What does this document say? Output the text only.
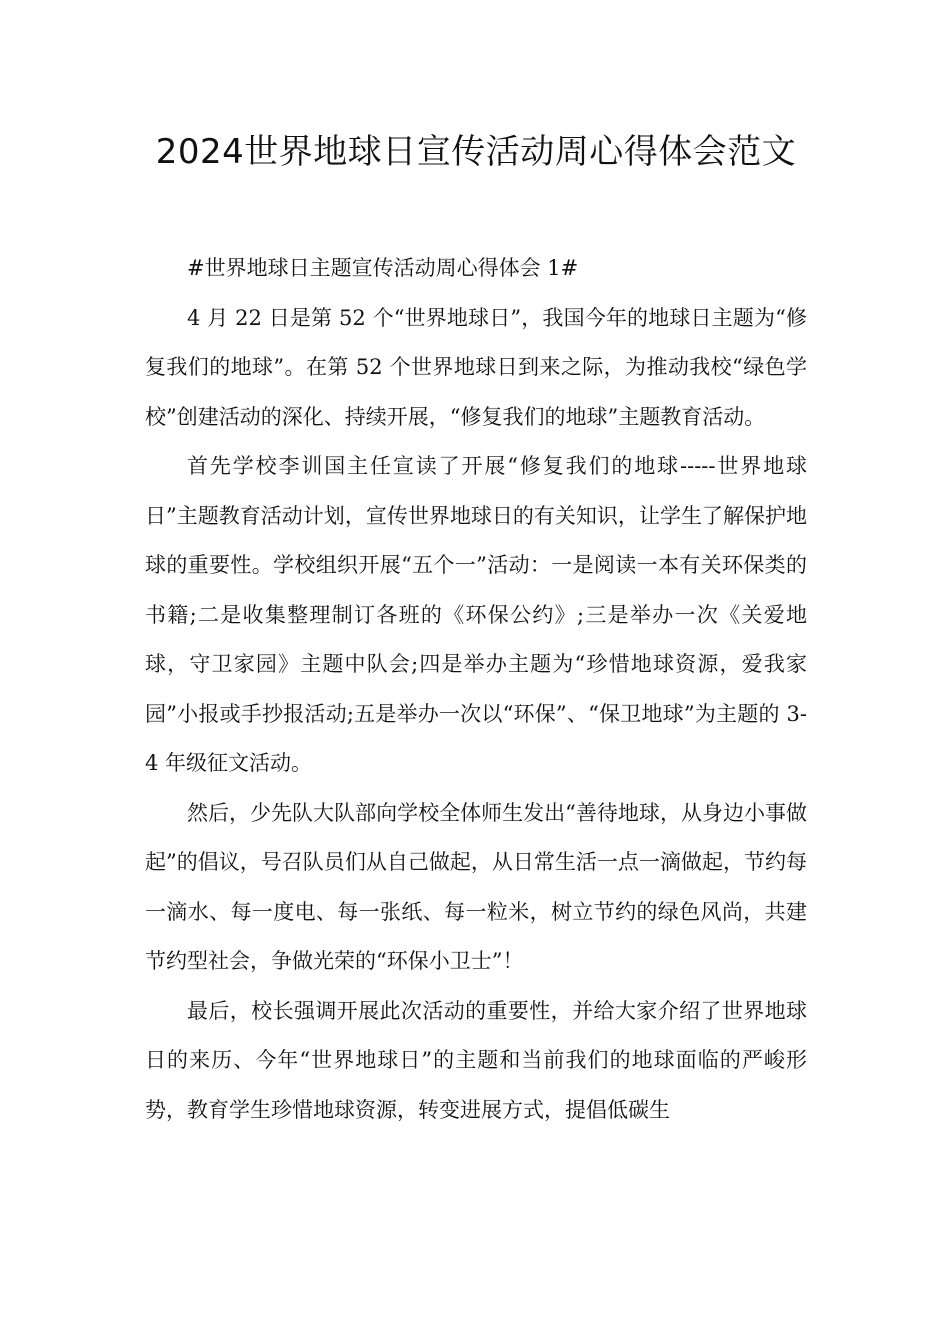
2024世界地球日宣传活动周心得体会范文

#世界地球日主题宣传活动周心得体会 1#

4 月 22 日是第 52 个“世界地球日”，我国今年的地球日主题为“修复我们的地球”。在第 52 个世界地球日到来之际，为推动我校“绿色学校”创建活动的深化、持续开展，“修复我们的地球”主题教育活动。

首先学校李训国主任宣读了开展“修复我们的地球-----世界地球日”主题教育活动计划，宣传世界地球日的有关知识，让学生了解保护地球的重要性。学校组织开展“五个一”活动：一是阅读一本有关环保类的书籍;二是收集整理制订各班的《环保公约》;三是举办一次《关爱地球，守卫家园》主题中队会;四是举办主题为“珍惜地球资源，爱我家园”小报或手抄报活动;五是举办一次以“环保”、“保卫地球”为主题的 3-4 年级征文活动。

然后，少先队大队部向学校全体师生发出“善待地球，从身边小事做起”的倡议，号召队员们从自己做起，从日常生活一点一滴做起，节约每一滴水、每一度电、每一张纸、每一粒米，树立节约的绿色风尚，共建节约型社会，争做光荣的“环保小卫士”！

最后，校长强调开展此次活动的重要性，并给大家介绍了世界地球日的来历、今年“世界地球日”的主题和当前我们的地球面临的严峻形势，教育学生珍惜地球资源，转变进展方式，提倡低碳生
